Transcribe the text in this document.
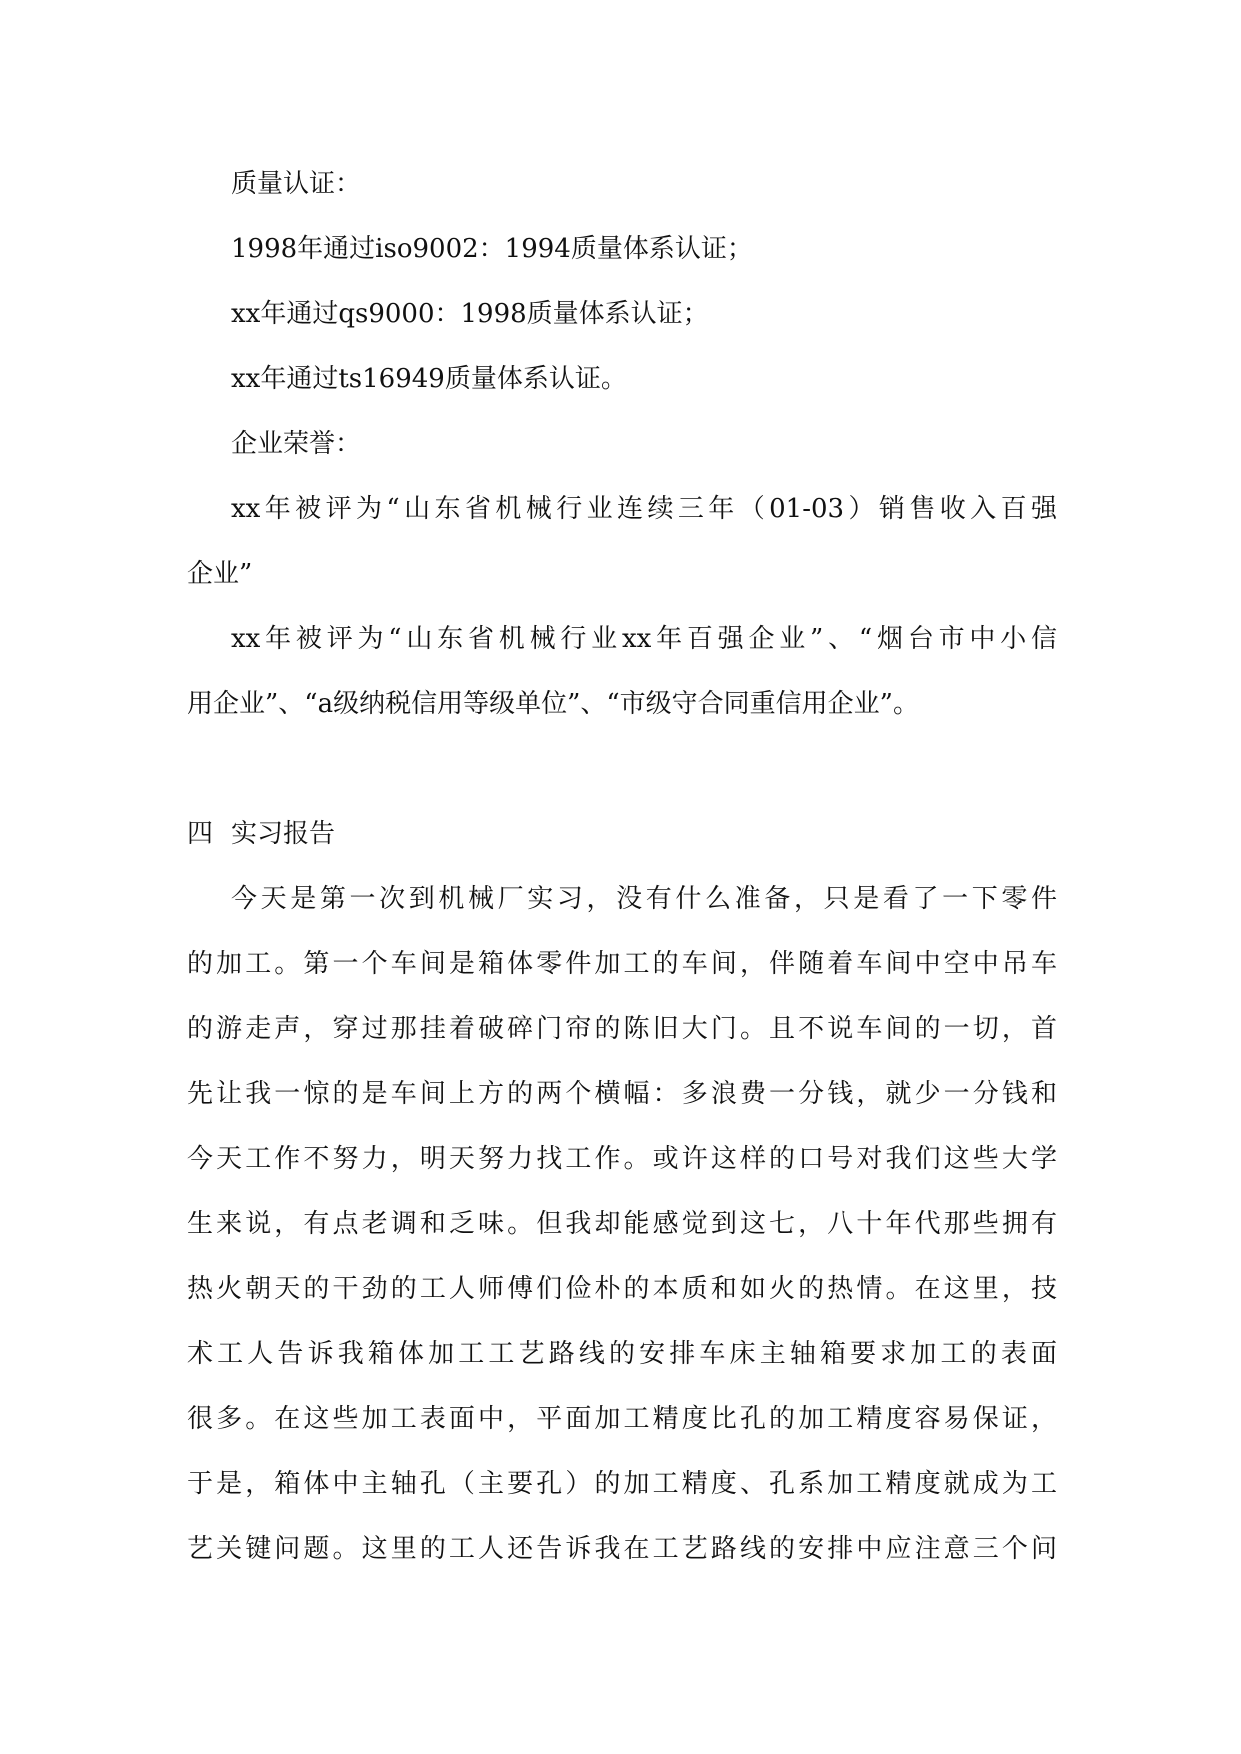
质量认证：
1998年通过iso9002：1994质量体系认证；
xx年通过qs9000：1998质量体系认证；
xx年通过ts16949质量体系认证。
企业荣誉：
xx年被评为“山东省机械行业连续三年（01-03）销售收入百强
企业”
xx年被评为“山东省机械行业xx年百强企业”、“烟台市中小信
用企业”、“a级纳税信用等级单位”、“市级守合同重信用企业”。
四 实习报告
今天是第一次到机械厂实习，没有什么准备，只是看了一下零件
的加工。第一个车间是箱体零件加工的车间，伴随着车间中空中吊车
的游走声，穿过那挂着破碎门帘的陈旧大门。且不说车间的一切，首
先让我一惊的是车间上方的两个横幅：多浪费一分钱，就少一分钱和
今天工作不努力，明天努力找工作。或许这样的口号对我们这些大学
生来说，有点老调和乏味。但我却能感觉到这七，八十年代那些拥有
热火朝天的干劲的工人师傅们俭朴的本质和如火的热情。在这里，技
术工人告诉我箱体加工工艺路线的安排车床主轴箱要求加工的表面
很多。在这些加工表面中，平面加工精度比孔的加工精度容易保证，
于是，箱体中主轴孔（主要孔）的加工精度、孔系加工精度就成为工
艺关键问题。这里的工人还告诉我在工艺路线的安排中应注意三个问
